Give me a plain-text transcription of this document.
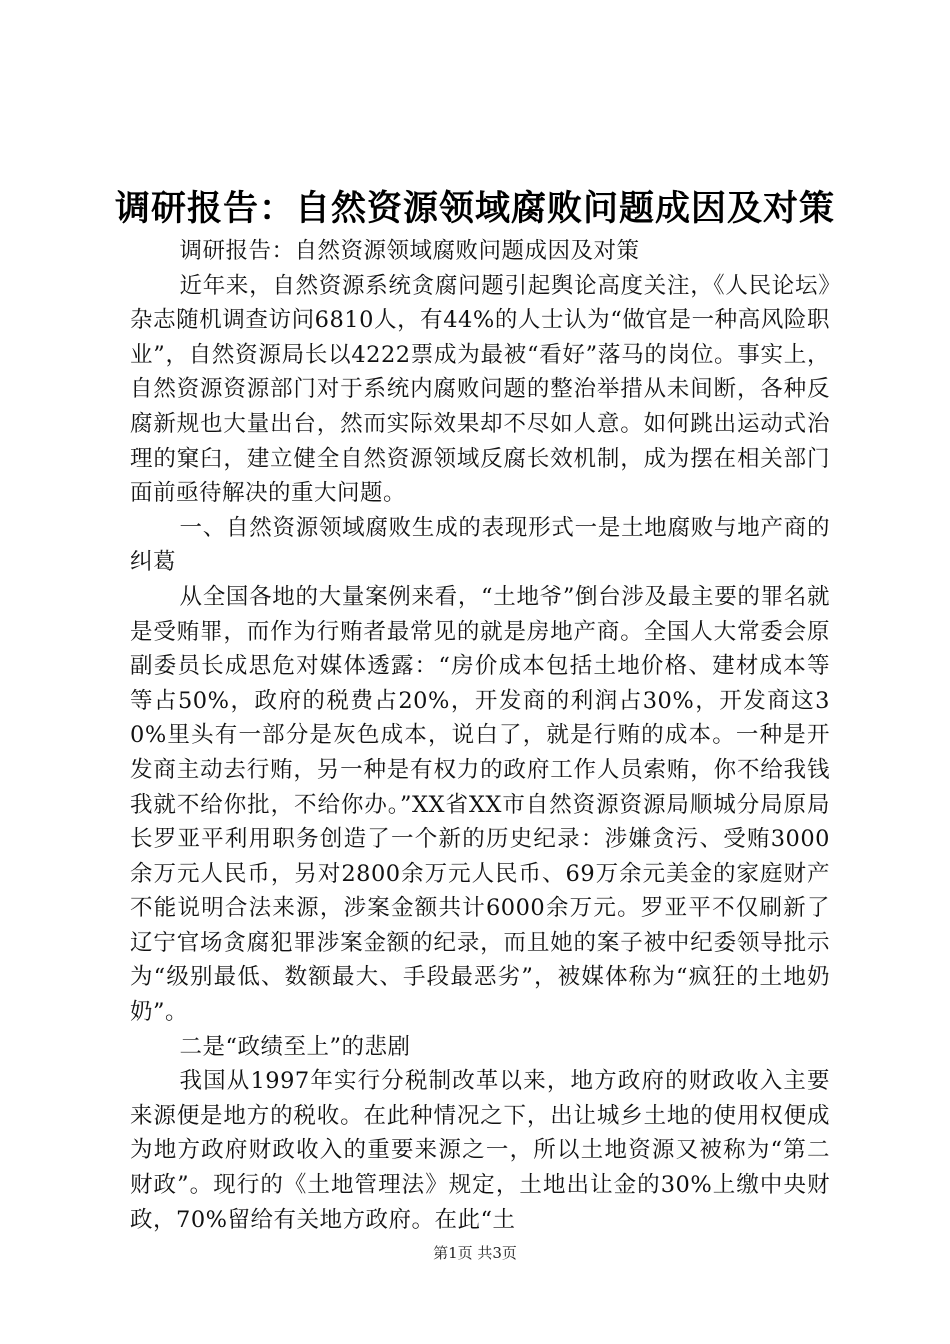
调研报告：自然资源领域腐败问题成因及对策

调研报告：自然资源领域腐败问题成因及对策

近年来，自然资源系统贪腐问题引起舆论高度关注，《人民论坛》杂志随机调查访问6810人，有44%的人士认为“做官是一种高风险职业”，自然资源局长以4222票成为最被“看好”落马的岗位。事实上，自然资源资源部门对于系统内腐败问题的整治举措从未间断，各种反腐新规也大量出台，然而实际效果却不尽如人意。如何跳出运动式治理的窠臼，建立健全自然资源领域反腐长效机制，成为摆在相关部门面前亟待解决的重大问题。

一、自然资源领域腐败生成的表现形式一是土地腐败与地产商的纠葛

从全国各地的大量案例来看，“土地爷”倒台涉及最主要的罪名就是受贿罪，而作为行贿者最常见的就是房地产商。全国人大常委会原副委员长成思危对媒体透露：“房价成本包括土地价格、建材成本等等占50%，政府的税费占20%，开发商的利润占30%，开发商这30%里头有一部分是灰色成本，说白了，就是行贿的成本。一种是开发商主动去行贿，另一种是有权力的政府工作人员索贿，你不给我钱我就不给你批，不给你办。”XX省XX市自然资源资源局顺城分局原局长罗亚平利用职务创造了一个新的历史纪录：涉嫌贪污、受贿3000余万元人民币，另对2800余万元人民币、69万余元美金的家庭财产不能说明合法来源，涉案金额共计6000余万元。罗亚平不仅刷新了辽宁官场贪腐犯罪涉案金额的纪录，而且她的案子被中纪委领导批示为“级别最低、数额最大、手段最恶劣”，被媒体称为“疯狂的土地奶奶”。

二是“政绩至上”的悲剧

我国从1997年实行分税制改革以来，地方政府的财政收入主要来源便是地方的税收。在此种情况之下，出让城乡土地的使用权便成为地方政府财政收入的重要来源之一，所以土地资源又被称为“第二财政”。现行的《土地管理法》规定，土地出让金的30%上缴中央财政，70%留给有关地方政府。在此“土

第1页 共3页
